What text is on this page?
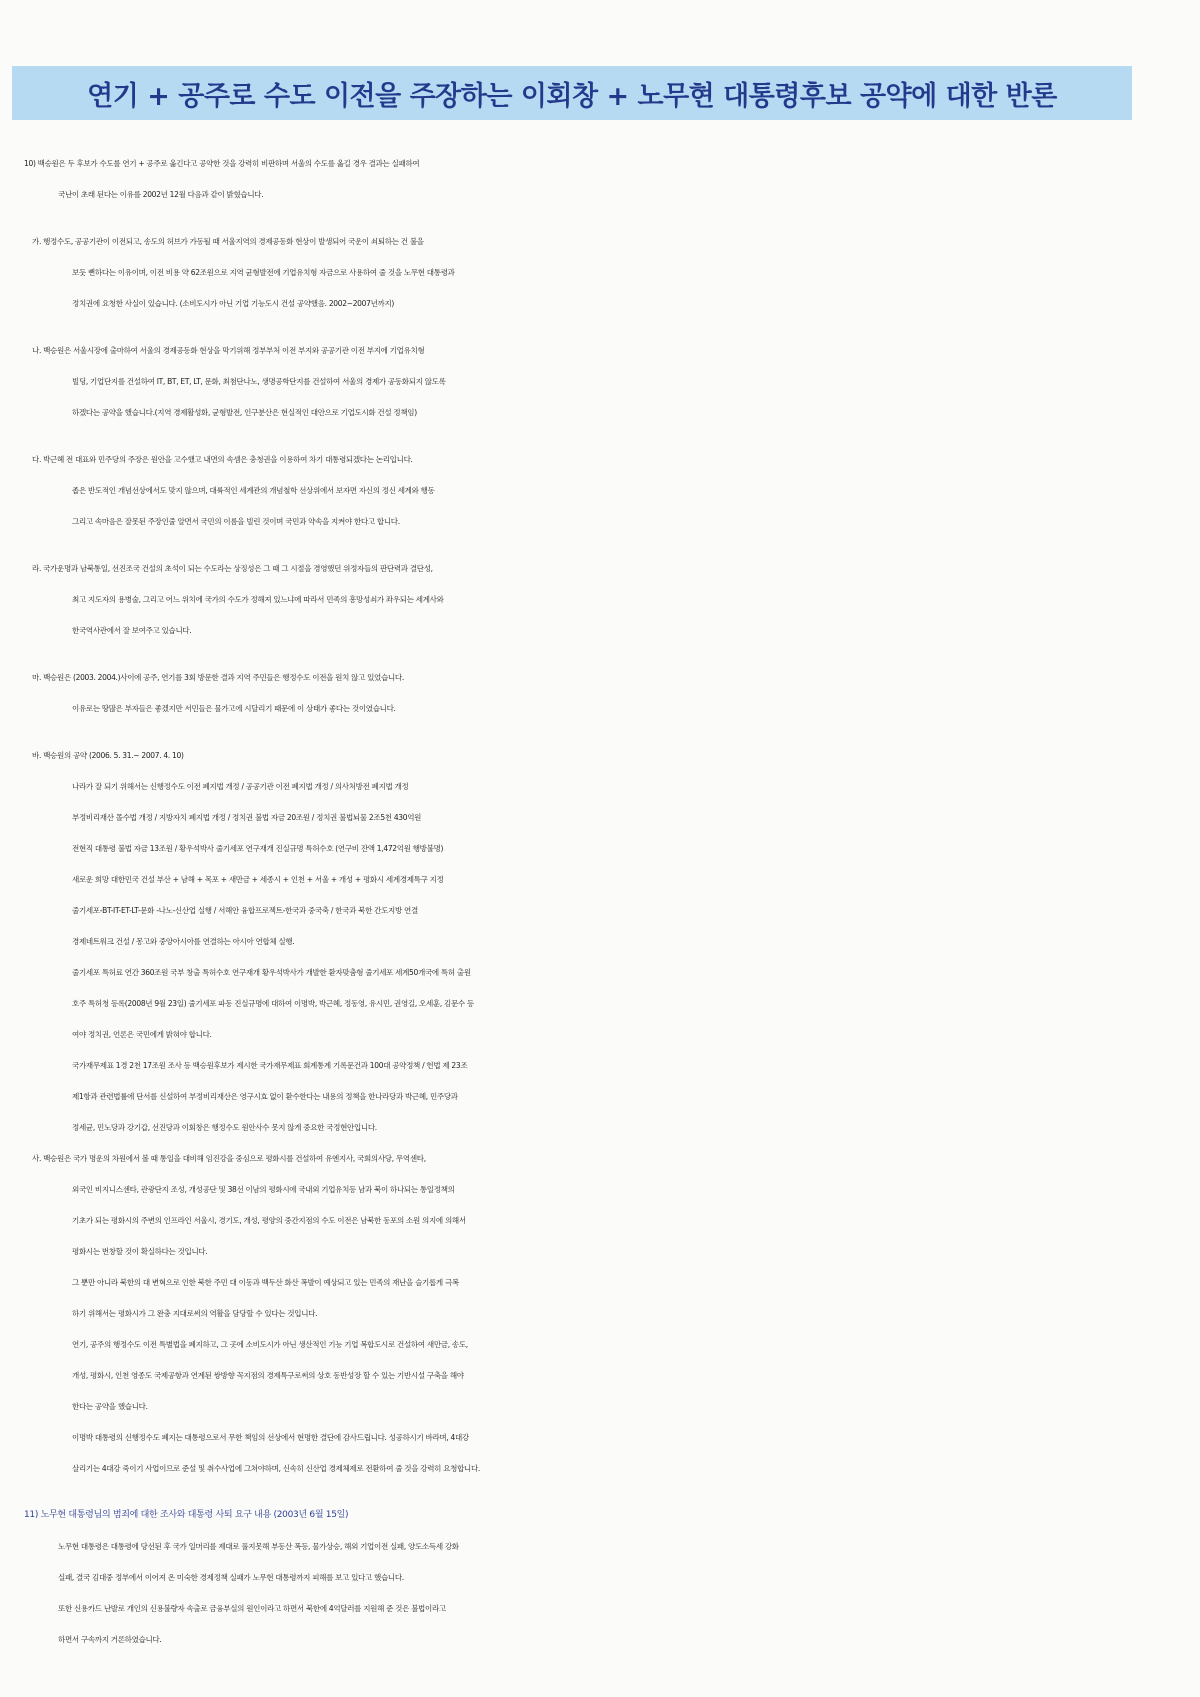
연기 + 공주로 수도 이전을 주장하는 이회창 + 노무현 대통령후보 공약에 대한 반론

10) 백승원은 두 후보가 수도를 연기 + 공주로 옮긴다고 공약한 것을 강력히 비판하며 서울의 수도를 옮길 경우 결과는 실패하여

국난이 초래 된다는 이유를 2002년 12월 다음과 같이 밝혔습니다.

가. 행정수도, 공공기관이 이전되고, 송도의 허브가 가동될 때 서울지역의 경제공동화 현상이 발생되어 국운이 쇠퇴하는 건 불을

보듯 뻔하다는 이유이며, 이전 비용 약 62조원으로 지역 균형발전에 기업유치형 자금으로 사용하여 줄 것을 노무현 대통령과

정치권에 요청한 사실이 있습니다. (소비도시가 아닌 기업 기능도시 건설 공약했음. 2002~2007년까지)

나. 백승원은 서울시장에 출마하여 서울의 경제공동화 현상을 막기위해 정부부처 이전 부지와 공공기관 이전 부지에 기업유치형

빌딩, 기업단지를 건설하여 IT, BT, ET, LT, 문화, 최첨단나노, 생명공학단지를 건설하여 서울의 경제가 공동화되지 않도록

하겠다는 공약을 했습니다.(지역 경제활성화, 균형발전, 인구분산은 현실적인 대안으로 기업도시화 건설 정책임)

다. 박근혜 전 대표와 민주당의 주장은 원안을 고수했고 내면의 속셈은 충청권을 이용하여 차기 대통령되겠다는 논리입니다.

좁은 반도적인 개념선상에서도 맞지 않으며, 대륙적인 세계관의 개념철학 선상위에서 보자면 자신의 정신 세계와 행동

그리고 속마음은 잘못된 주장인줄 알면서 국민의 이름을 빌린 것이며 국민과 약속을 지켜야 한다고 합니다.

라. 국가운명과 남북통일, 선진조국 건설의 초석이 되는 수도라는 상징성은 그 때 그 시절을 경영했던 위정자들의 판단력과 결단성,

최고 지도자의 용병술, 그리고 어느 위치에 국가의 수도가 정해져 있느냐에 따라서 민족의 흥망성쇠가 좌우되는 세계사와

한국역사관에서 잘 보여주고 있습니다.

마. 백승원은 (2003. 2004.)사이에 공주, 연기를 3회 방문한 결과 지역 주민들은 행정수도 이전을 원치 않고 있었습니다.

이유로는 땅많은 부자들은 좋겠지만 서민들은 물가고에 시달리기 때문에 이 상태가 좋다는 것이였습니다.

바. 백승원의 공약 (2006. 5. 31.~ 2007. 4. 10)

나라가 잘 되기 위해서는 신행정수도 이전 폐지법 개정 / 공공기관 이전 폐지법 개정 / 의사처방전 폐지법 개정

부정비리재산 몰수법 개정 / 지방자치 폐지법 개정 / 정치권 불법 자금 20조원 / 정치권 불법뇌물 2조5천 430억원

전현직 대통령 불법 자금 13조원 / 황우석박사 줄기세포 연구재개 진실규명 특허수호 (연구비 잔액 1,472억원 행방불명)

새로운 희망 대한민국 건설 부산 + 남해 + 목포 + 새만금 + 세종시 + 인천 + 서울 + 개성 + 평화시 세계경제특구 지정

줄기세포-BT-IT-ET-LT-문화 -나노-신산업 실행 / 서해안 융합프로젝트-한국과 중국축 / 한국과 북한 간도지방 연결

경제네트워크 건설 / 몽고와 중앙아시아를 연결하는 아시아 연합체 실행.

줄기세포 특허료 연간 360조원 국부 창출 특허수호 연구재개 황우석박사가 개발한 환자맞춤형 줄기세포 세계50개국에 특허 출원

호주 특허청 등록(2008년 9월 23일) 줄기세포 파동 진실규명에 대하여 이명박, 박근혜, 정동영, 유시민, 권영길, 오세훈, 김문수 등

여야 정치권, 언론은 국민에게 밝혀야 합니다.

국가재무제표 1경 2천 17조원 조사 등 백승원후보가 제시한 국가재무제표 회계통계 기록문건과 100대 공약정책 / 헌법 제 23조

제1항과 관련법률에 단서를 신설하여 부정비리재산은 영구시효 없이 환수한다는 내용의 정책을 한나라당과 박근혜, 민주당과

정세균, 민노당과 강기갑, 선진당과 이회창은 행정수도 원안사수 못지 않게 중요한 국정현안입니다.

사. 백승원은 국가 명운의 차원에서 볼 때 통일을 대비해 임진강을 중심으로 평화시를 건설하여 유엔지사, 국회의사당, 무역센타,

외국인 비지니스센타, 관광단지 조성, 개성공단 및 38선 이남의 평화시에 국내외 기업유치등 남과 북이 하나되는 통일정책의

기초가 되는 평화시의 주변의 인프라인 서울시, 경기도, 개성, 평양의 중간지점의 수도 이전은 남북한 동포의 소원 의지에 의해서

평화시는 번창할 것이 확실하다는 것입니다.

그 뿐만 아니라 북한의 대 변혁으로 인한 북한 주민 대 이동과 백두산 화산 폭발이 예상되고 있는 민족의 재난을 슬기롭게 극복

하기 위해서는 평화시가 그 완충 지대로써의 역활을 담당할 수 있다는 것입니다.

연기, 공주의 행정수도 이전 특별법을 폐지하고, 그 곳에 소비도시가 아닌 생산적인 기능 기업 복합도시로 건설하여 새만금, 송도,

개성, 평화시, 인천 영종도 국제공항과 연계된 쌍방향 꼭지점의 경제특구로써의 상호 동반성장 할 수 있는 기반시설 구축을 해야

한다는 공약을 했습니다.

이명박 대통령의 신행정수도 폐지는 대통령으로서 무한 책임의 선상에서 현명한 결단에 감사드립니다. 성공하시기 바라며, 4대강

살리기는 4대강 죽이기 사업이므로 준설 및 취수사업에 그쳐야하며, 신속히 신산업 경제체제로 전환하여 줄 것을 강력히 요청합니다.

11) 노무현 대통령님의 범죄에 대한 조사와 대통령 사퇴 요구 내용 (2003년 6월 15일)

노무현 대통령은 대통령에 당선된 후 국가 일머리를 제대로 풀지못해 부동산 폭등, 물가상승, 해외 기업이전 실패, 양도소득세 강화

실패, 결국 김대중 정부에서 이어져 온 미숙한 경제정책 실패가 노무현 대통령까지 피해를 보고 있다고 했습니다.

또한 신용카드 난발로 개인의 신용불량자 속출로 금융부실의 원인이라고 하면서 북한에 4억달러를 지원해 준 것은 불법이라고

하면서 구속까지 거론하였습니다.
